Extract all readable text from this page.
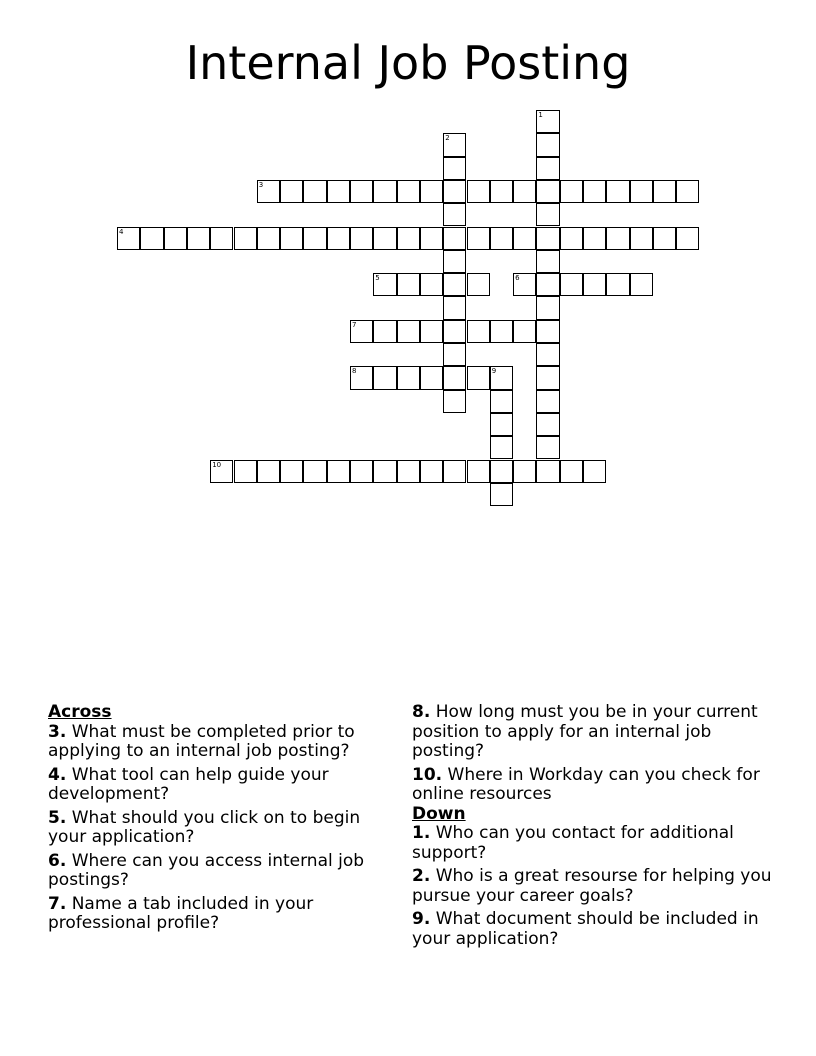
Internal Job Posting
1
2
3
4
5	6
7
8	9
10
Across
3. What must be completed prior to applying to an internal job posting?
4. What tool can help guide your development?
5. What should you click on to begin your application?
6. Where can you access internal job postings?
7. Name a tab included in your professional profile?
8. How long must you be in your current position to apply for an internal job posting?
10. Where in Workday can you check for online resources
Down
1. Who can you contact for additional support?
2. Who is a great resourse for helping you pursue your career goals?
9. What document should be included in your application?
